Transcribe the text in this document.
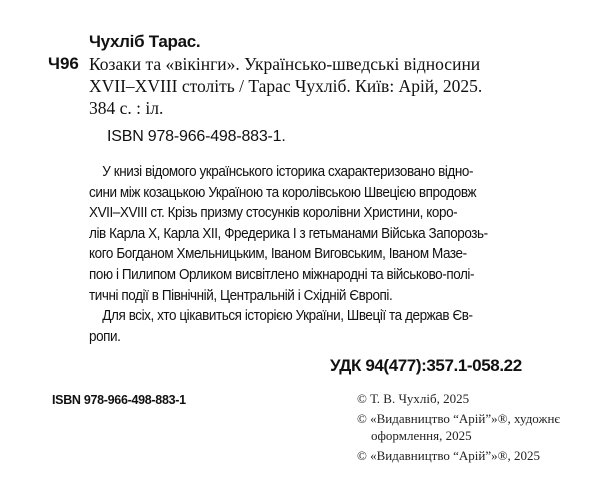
Чухліб Тарас.
Ч96 Козаки та «вікінги». Українсько-шведські відносини
XVII–XVIII століть / Тарас Чухліб. Київ: Арій, 2025.
384 с. : іл.
ISBN 978-966-498-883-1.
У книзі відомого українського історика схарактеризовано відно-
сини між козацькою Україною та королівською Швецією впродовж
XVII–XVIII ст. Крізь призму стосунків королівни Христини, коро-
лів Карла X, Карла XII, Фредерика I з гетьманами Війська Запорозь-
кого Богданом Хмельницьким, Іваном Виговським, Іваном Мазе-
пою і Пилипом Орликом висвітлено міжнародні та військово-полі-
тичні події в Північній, Центральній і Східній Європі.
Для всіх, хто цікавиться історією України, Швеції та держав Єв-
ропи.
УДК 94(477):357.1-058.22
ISBN 978-966-498-883-1	© Т. В. Чухліб, 2025
© «Видавництво “Арій”»®, художнє
оформлення, 2025
© «Видавництво “Арій”»®, 2025
